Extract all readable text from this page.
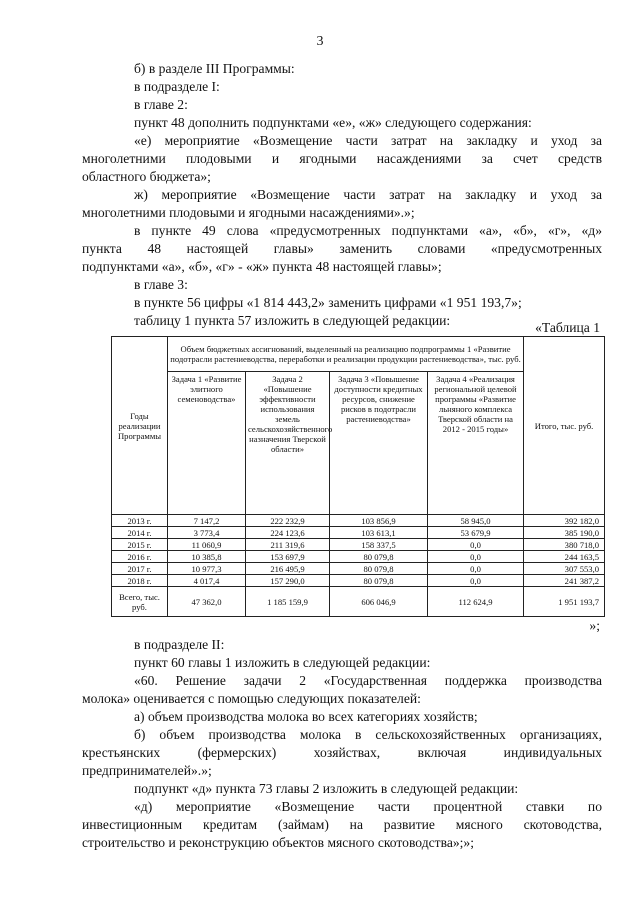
3
б) в разделе III Программы:
в подразделе I:
в главе 2:
пункт 48 дополнить подпунктами «е», «ж» следующего содержания:
«е) мероприятие «Возмещение части затрат на закладку и уход за
многолетними плодовыми и ягодными насаждениями за счет средств
областного бюджета»;
ж) мероприятие «Возмещение части затрат на закладку и уход за
многолетними плодовыми и ягодными насаждениями».»;
в пункте 49 слова «предусмотренных подпунктами «а», «б», «г», «д»
пункта 48 настоящей главы» заменить словами «предусмотренных
подпунктами «а», «б», «г» - «ж» пункта 48 настоящей главы»;
в главе 3:
в пункте 56 цифры «1 814 443,2» заменить цифрами «1 951 193,7»;
таблицу 1 пункта 57 изложить в следующей редакции:	«Таблица 1
Годы реализации Программы	Объем бюджетных ассигнований, выделенный на реализацию подпрограммы 1 «Развитие подотрасли растениеводства, переработки и реализации продукции растениеводства», тыс. руб.				Итого, тыс. руб.
	Задача 1 «Развитие элитного семеноводства»	Задача 2 «Повышение эффективности использования земель сельскохозяйственного назначения Тверской области»	Задача 3 «Повышение доступности кредитных ресурсов, снижение рисков в подотрасли растениеводства»	Задача 4 «Реализация региональной целевой программы «Развитие льняного комплекса Тверской области на 2012 - 2015 годы»	
2013 г.	7 147,2	222 232,9	103 856,9	58 945,0	392 182,0
2014 г.	3 773,4	224 123,6	103 613,1	53 679,9	385 190,0
2015 г.	11 060,9	211 319,6	158 337,5	0,0	380 718,0
2016 г.	10 385,8	153 697,9	80 079,8	0,0	244 163,5
2017 г.	10 977,3	216 495,9	80 079,8	0,0	307 553,0
2018 г.	4 017,4	157 290,0	80 079,8	0,0	241 387,2
Всего, тыс. руб.	47 362,0	1 185 159,9	606 046,9	112 624,9	1 951 193,7
»;
в подразделе II:
пункт 60 главы 1 изложить в следующей редакции:
«60. Решение задачи 2 «Государственная поддержка производства
молока» оценивается с помощью следующих показателей:
а) объем производства молока во всех категориях хозяйств;
б) объем производства молока в сельскохозяйственных организациях,
крестьянских (фермерских) хозяйствах, включая индивидуальных
предпринимателей».»;
подпункт «д» пункта 73 главы 2 изложить в следующей редакции:
«д) мероприятие «Возмещение части процентной ставки по
инвестиционным кредитам (займам) на развитие мясного скотоводства,
строительство и реконструкцию объектов мясного скотоводства»;»;
